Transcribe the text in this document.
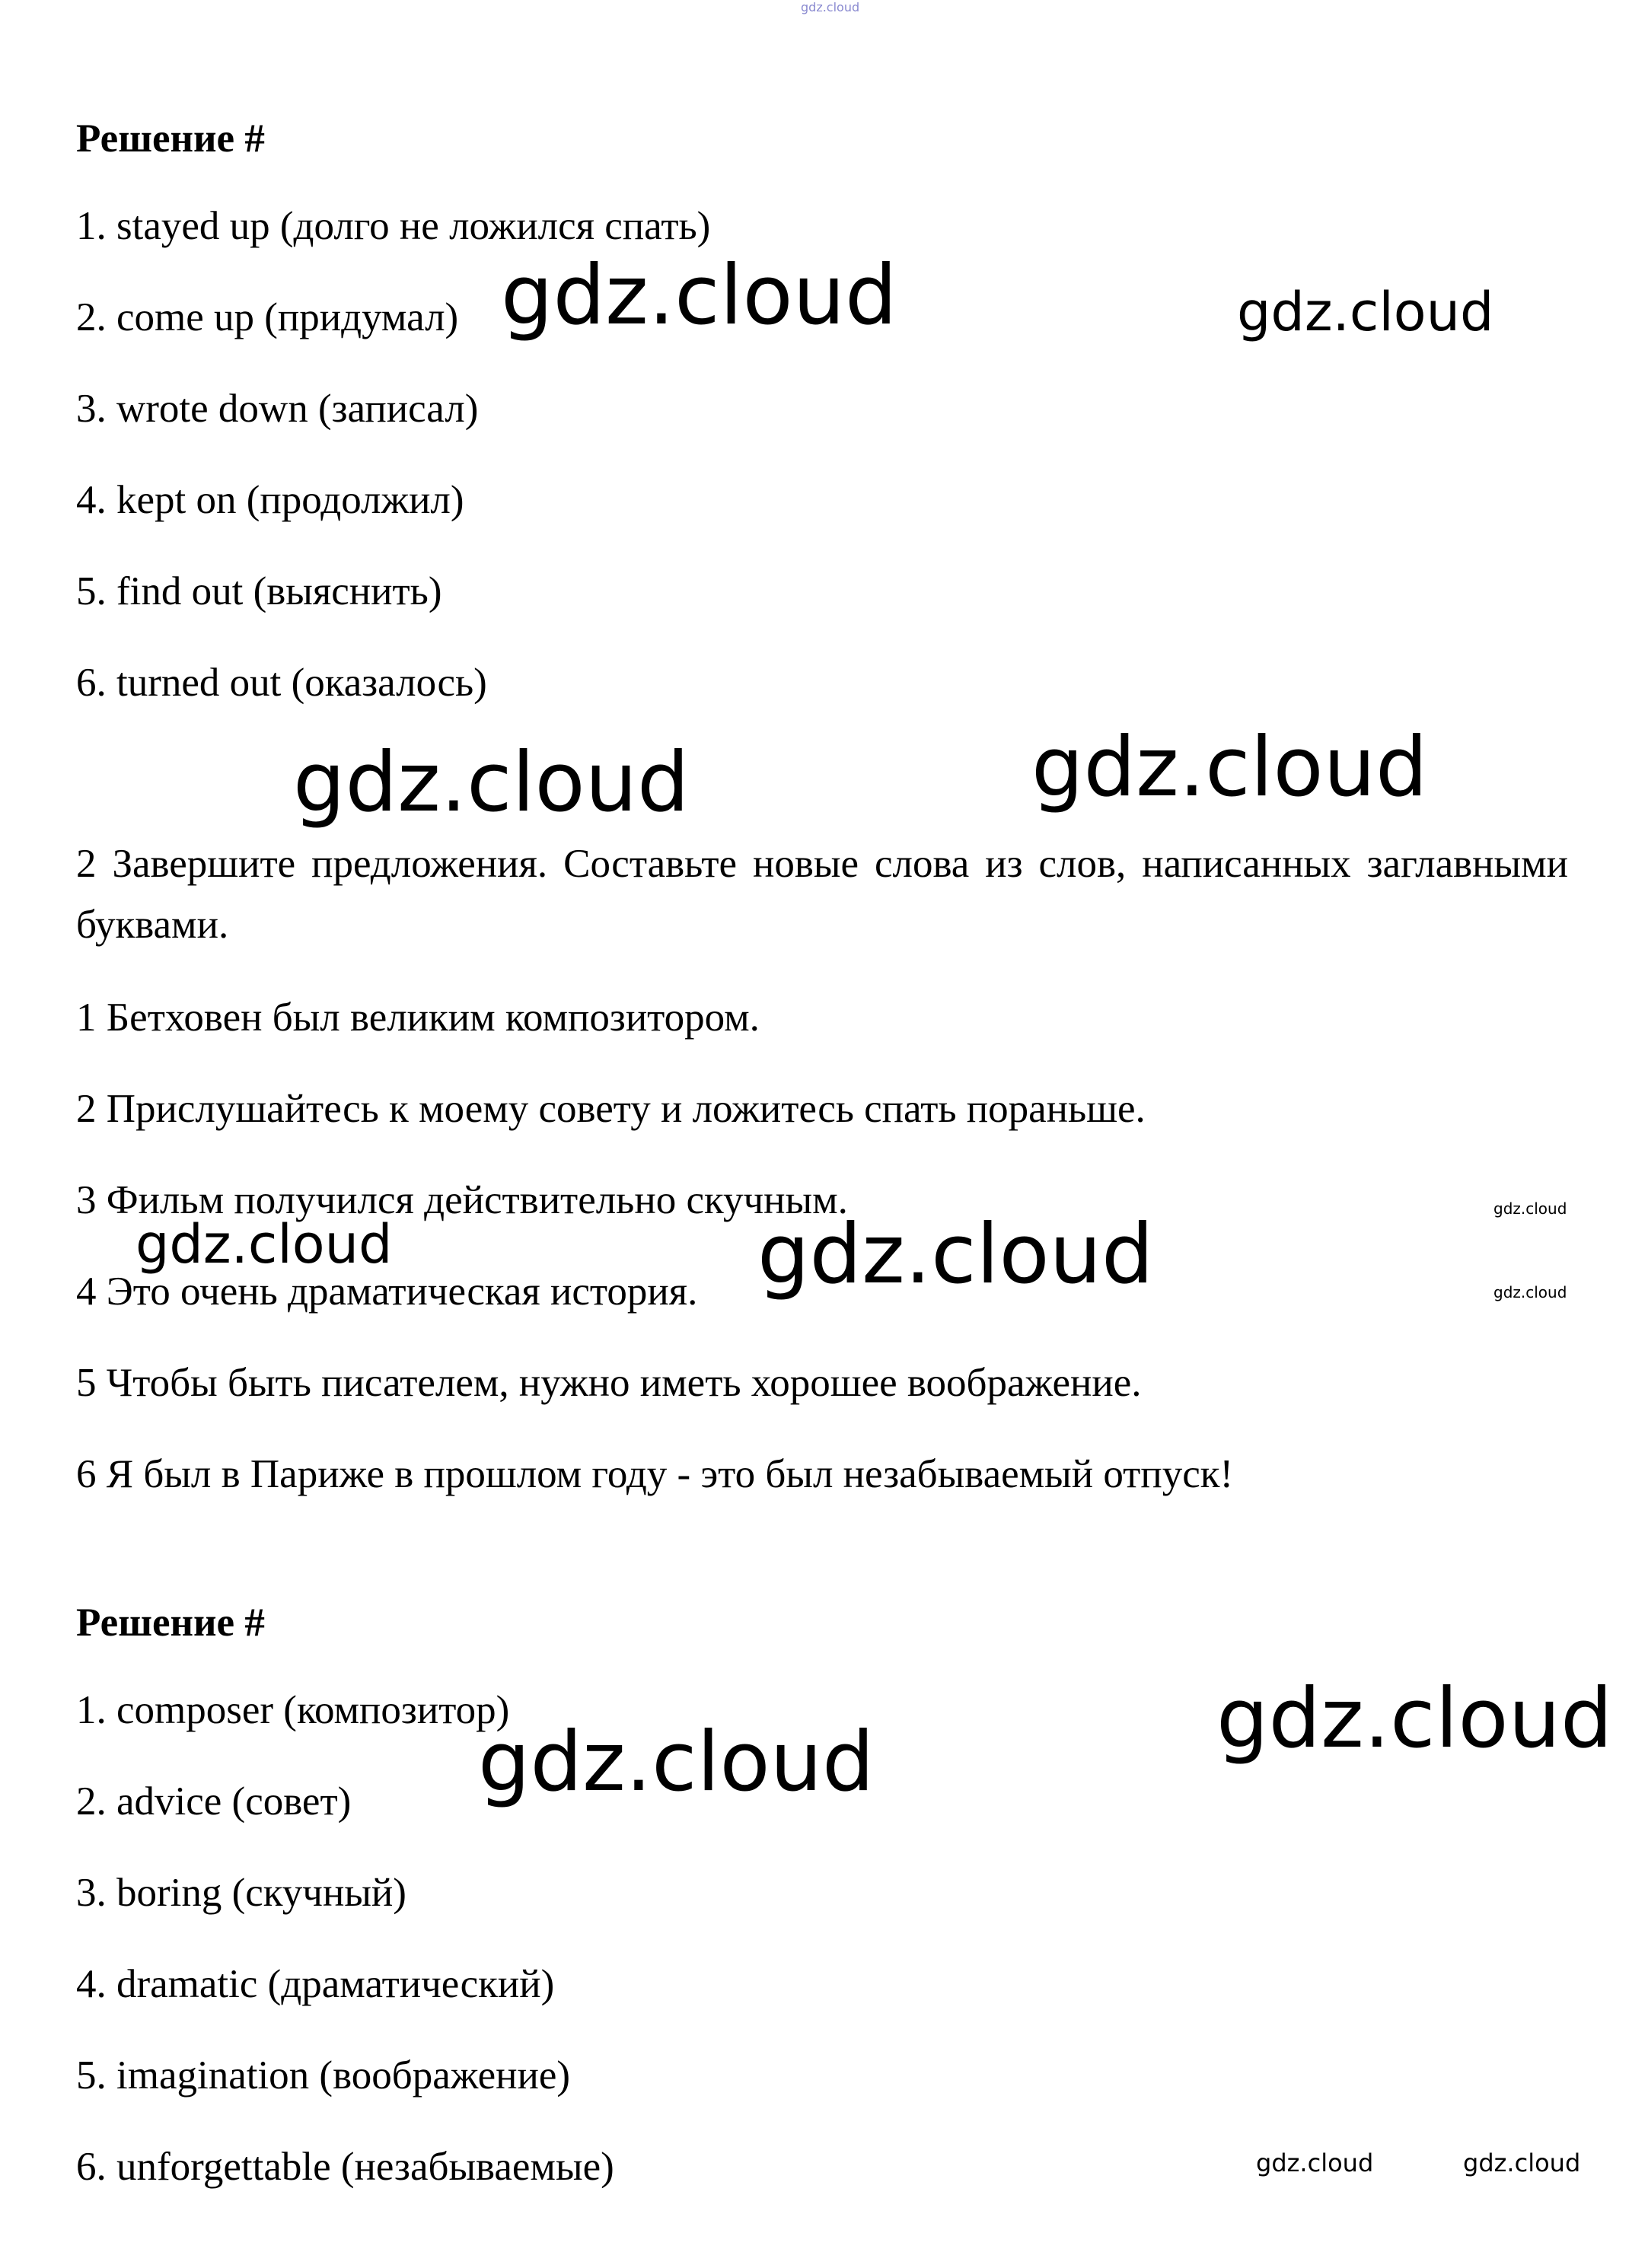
gdz.cloud
Решение #
1. stayed up (долго не ложился спать)
2. come up (придумал)
3. wrote down (записал)
4. kept on (продолжил)
5. find out (выяснить)
6. turned out (оказалось)
2 Завершите предложения. Составьте новые слова из слов, написанных заглавными буквами.
1 Бетховен был великим композитором.
2 Прислушайтесь к моему совету и ложитесь спать пораньше.
3 Фильм получился действительно скучным.
4 Это очень драматическая история.
5 Чтобы быть писателем, нужно иметь хорошее воображение.
6 Я был в Париже в прошлом году - это был незабываемый отпуск!
Решение #
1. composer (композитор)
2. advice (совет)
3. boring (скучный)
4. dramatic (драматический)
5. imagination (воображение)
6. unforgettable (незабываемые)
gdz.cloud	gdz.cloud
gdz.cloud	gdz.cloud
gdz.cloud
gdz.cloud	gdz.cloud	gdz.cloud
gdz.cloud
gdz.cloud
gdz.cloud	gdz.cloud
